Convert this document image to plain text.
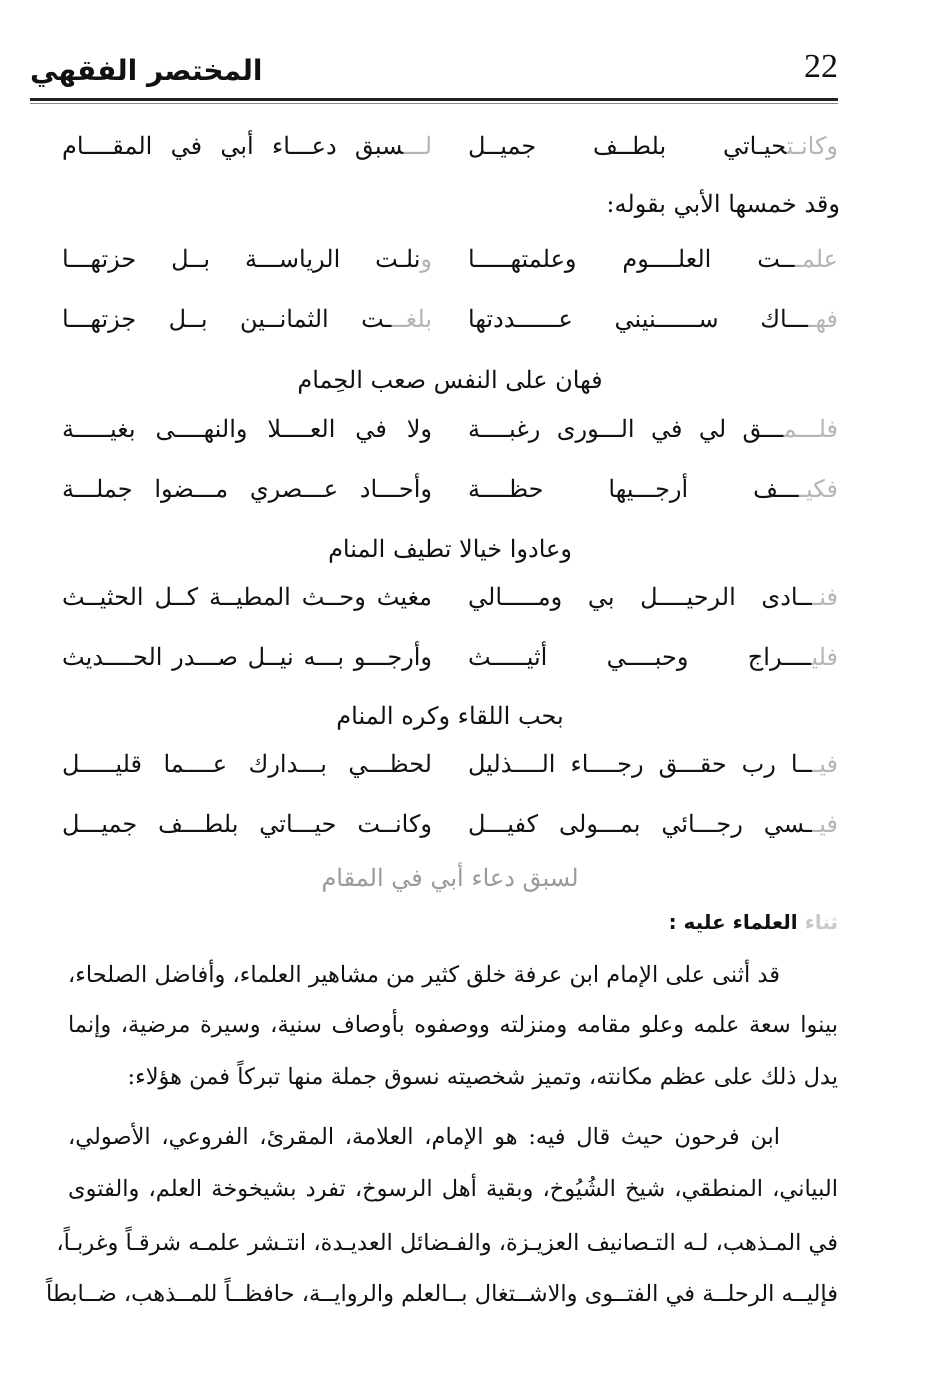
المختصر الفقهي	22
وكانـتحيـاتي بلطــف جميــل
لـــسبق دعـــاء أبي في المقــــام
وقد خمسها الأبي بقوله:
علمـــت العلــــوم وعلمتهـــــا
ونلـت الرياســـة بــل حزتهـــا
فهــــاك ســــــنيني عــــــددتها
بلغـــت الثمانــين بــل جزتهـــا
فهان على النفس صعب الحِمام
فلـــمـــق لي في الـــورى رغبــــة
ولا في العــــلا والنهــــى بغيـــــة
فكيــــف أرجـــيها حظــــة
وأحـــاد عـــصري مـــضوا جملـــة
وعادوا خيالا تطيف المنام
فنـــادى الرحيــــل بي ومـــــالي
مغيث وحــث المطيــة كــل الحثيــث
فليــــراج وحبــــي أثيـــــث
وأرجـــو بـــه نيــل صـــدر الحــــديث
بحب اللقاء وكره المنام
فيـــا رب حقـــق رجــــاء الــــذليل
لحظـــي بـــدارك عــــما قليـــــل
فيــسي رجـــائي بمـــولى كفيـــل
وكانــت حيـــاتي بلطـــف جميـــل
لسبق دعاء أبي في المقام
ثناء العلماء عليه :
قد أثنى على الإمام ابن عرفة خلق كثير من مشاهير العلماء، وأفاضل الصلحاء،
بينوا سعة علمه وعلو مقامه ومنزلته ووصفوه بأوصاف سنية، وسيرة مرضية، وإنما
يدل ذلك على عظم مكانته، وتميز شخصيته نسوق جملة منها تبركاً فمن هؤلاء:
ابن فرحون حيث قال فيه: هو الإمام، العلامة، المقرئ، الفروعي، الأصولي،
البياني، المنطقي، شيخ الشُيُوخ، وبقية أهل الرسوخ، تفرد بشيخوخة العلم، والفتوى
في المـذهب، لـه التـصانيف العزيـزة، والفـضائل العديـدة، انتـشر علمـه شرقـاً وغربـاً،
فإليــه الرحلــة في الفتــوى والاشــتغال بــالعلم والروايــة، حافظــاً للمــذهب، ضــابطاً
